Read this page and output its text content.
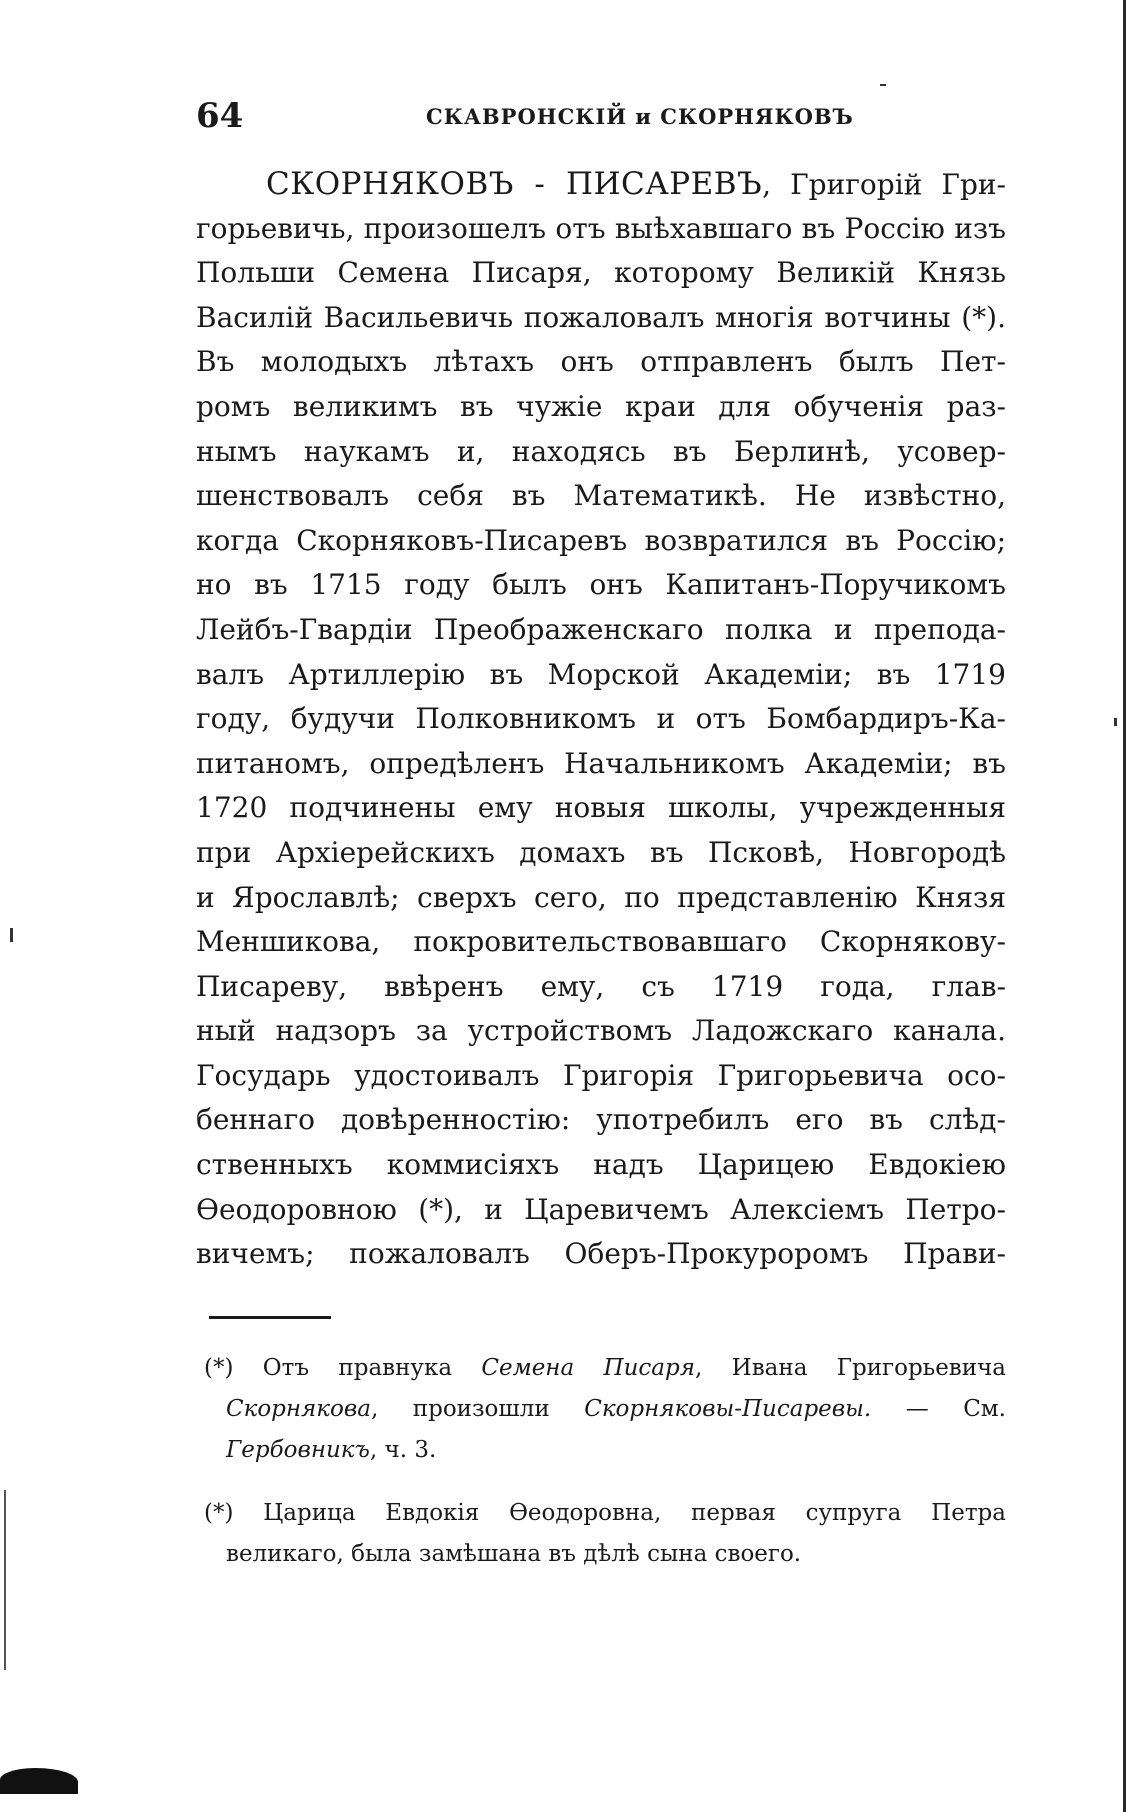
64	СКАВРОНСКІЙ и СКОРНЯКОВЪ
СКОРНЯКОВЪ - ПИСАРЕВЪ, Григорій Гри-
горьевичь, произошелъ отъ выѣхавшаго въ Россію изъ
Польши Семена Писаря, которому Великій Князь
Василій Васильевичь пожаловалъ многія вотчины (*).
Въ молодыхъ лѣтахъ онъ отправленъ былъ Пет-
ромъ великимъ въ чужіе краи для обученія раз-
нымъ наукамъ и, находясь въ Берлинѣ, усовер-
шенствовалъ себя въ Математикѣ. Не извѣстно,
когда Скорняковъ-Писаревъ возвратился въ Россію;
но въ 1715 году былъ онъ Капитанъ-Поручикомъ
Лейбъ-Гвардіи Преображенскаго полка и препода-
валъ Артиллерію въ Морской Академіи; въ 1719
году, будучи Полковникомъ и отъ Бомбардиръ-Ка-
питаномъ, опредѣленъ Начальникомъ Академіи; въ
1720 подчинены ему новыя школы, учрежденныя
при Архіерейскихъ домахъ въ Псковѣ, Новгородѣ
и Ярославлѣ; сверхъ сего, по представленію Князя
Меншикова, покровительствовавшаго Скорнякову-
Писареву, ввѣренъ ему, съ 1719 года, глав-
ный надзоръ за устройствомъ Ладожскаго канала.
Государь удостоивалъ Григорія Григорьевича осо-
беннаго довѣренностію: употребилъ его въ слѣд-
ственныхъ коммисіяхъ надъ Царицею Евдокіею
Ѳеодоровною (*), и Царевичемъ Алексіемъ Петро-
вичемъ; пожаловалъ Оберъ-Прокуроромъ Прави-
(*) Отъ правнука Семена Писаря, Ивана Григорьевича
Скорнякова, произошли Скорняковы-Писаревы. — См.
Гербовникъ, ч. 3.
(*) Царица Евдокія Ѳеодоровна, первая супруга Петра
великаго, была замѣшана въ дѣлѣ сына своего.
